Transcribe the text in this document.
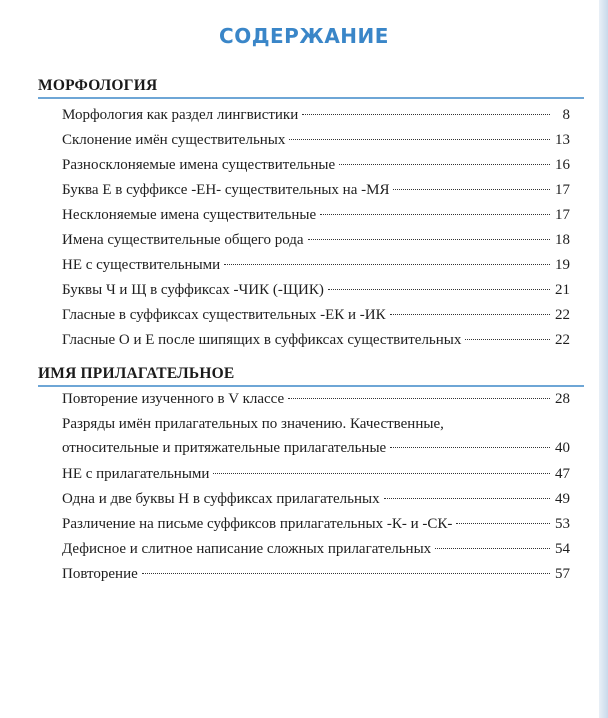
СОДЕРЖАНИЕ
МОРФОЛОГИЯ
Морфология как раздел лингвистики	8
Склонение имён существительных	13
Разносклоняемые имена существительные	16
Буква Е в суффиксе -ЕН- существительных на -МЯ	17
Несклоняемые имена существительные	17
Имена существительные общего рода	18
НЕ с существительными	19
Буквы Ч и Щ в суффиксах -ЧИК (-ЩИК)	21
Гласные в суффиксах существительных -ЕК и -ИК	22
Гласные О и Е после шипящих в суффиксах существительных	22
ИМЯ ПРИЛАГАТЕЛЬНОЕ
Повторение изученного в V классе	28
Разряды имён прилагательных по значению. Качественные,
относительные и притяжательные прилагательные	40
НЕ с прилагательными	47
Одна и две буквы Н в суффиксах прилагательных	49
Различение на письме суффиксов прилагательных -К- и -СК-	53
Дефисное и слитное написание сложных прилагательных	54
Повторение	57
